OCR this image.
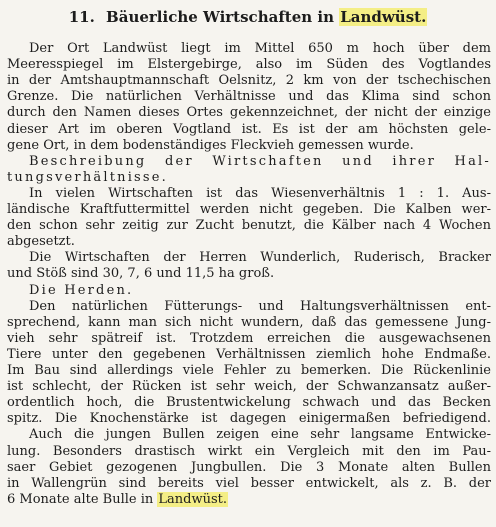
11. Bäuerliche Wirtschaften in Landwüst.
Der Ort Landwüst liegt im Mittel 650 m hoch über dem
Meeresspiegel im Elstergebirge, also im Süden des Vogtlandes
in der Amtshauptmannschaft Oelsnitz, 2 km von der tschechischen
Grenze. Die natürlichen Verhältnisse und das Klima sind schon
durch den Namen dieses Ortes gekennzeichnet, der nicht der einzige
dieser Art im oberen Vogtland ist. Es ist der am höchsten gele-
gene Ort, in dem bodenständiges Fleckvieh gemessen wurde.
Beschreibung der Wirtschaften und ihrer Hal-
tungsverhältnisse.
In vielen Wirtschaften ist das Wiesenverhältnis 1 : 1. Aus-
ländische Kraftfuttermittel werden nicht gegeben. Die Kalben wer-
den schon sehr zeitig zur Zucht benutzt, die Kälber nach 4 Wochen
abgesetzt.
Die Wirtschaften der Herren Wunderlich, Ruderisch, Bracker
und Stöß sind 30, 7, 6 und 11,5 ha groß.
Die Herden.
Den natürlichen Fütterungs- und Haltungsverhältnissen ent-
sprechend, kann man sich nicht wundern, daß das gemessene Jung-
vieh sehr spätreif ist. Trotzdem erreichen die ausgewachsenen
Tiere unter den gegebenen Verhältnissen ziemlich hohe Endmaße.
Im Bau sind allerdings viele Fehler zu bemerken. Die Rückenlinie
ist schlecht, der Rücken ist sehr weich, der Schwanzansatz außer-
ordentlich hoch, die Brustentwickelung schwach und das Becken
spitz. Die Knochenstärke ist dagegen einigermaßen befriedigend.
Auch die jungen Bullen zeigen eine sehr langsame Entwicke-
lung. Besonders drastisch wirkt ein Vergleich mit den im Pau-
saer Gebiet gezogenen Jungbullen. Die 3 Monate alten Bullen
in Wallengrün sind bereits viel besser entwickelt, als z. B. der
6 Monate alte Bulle in Landwüst.
